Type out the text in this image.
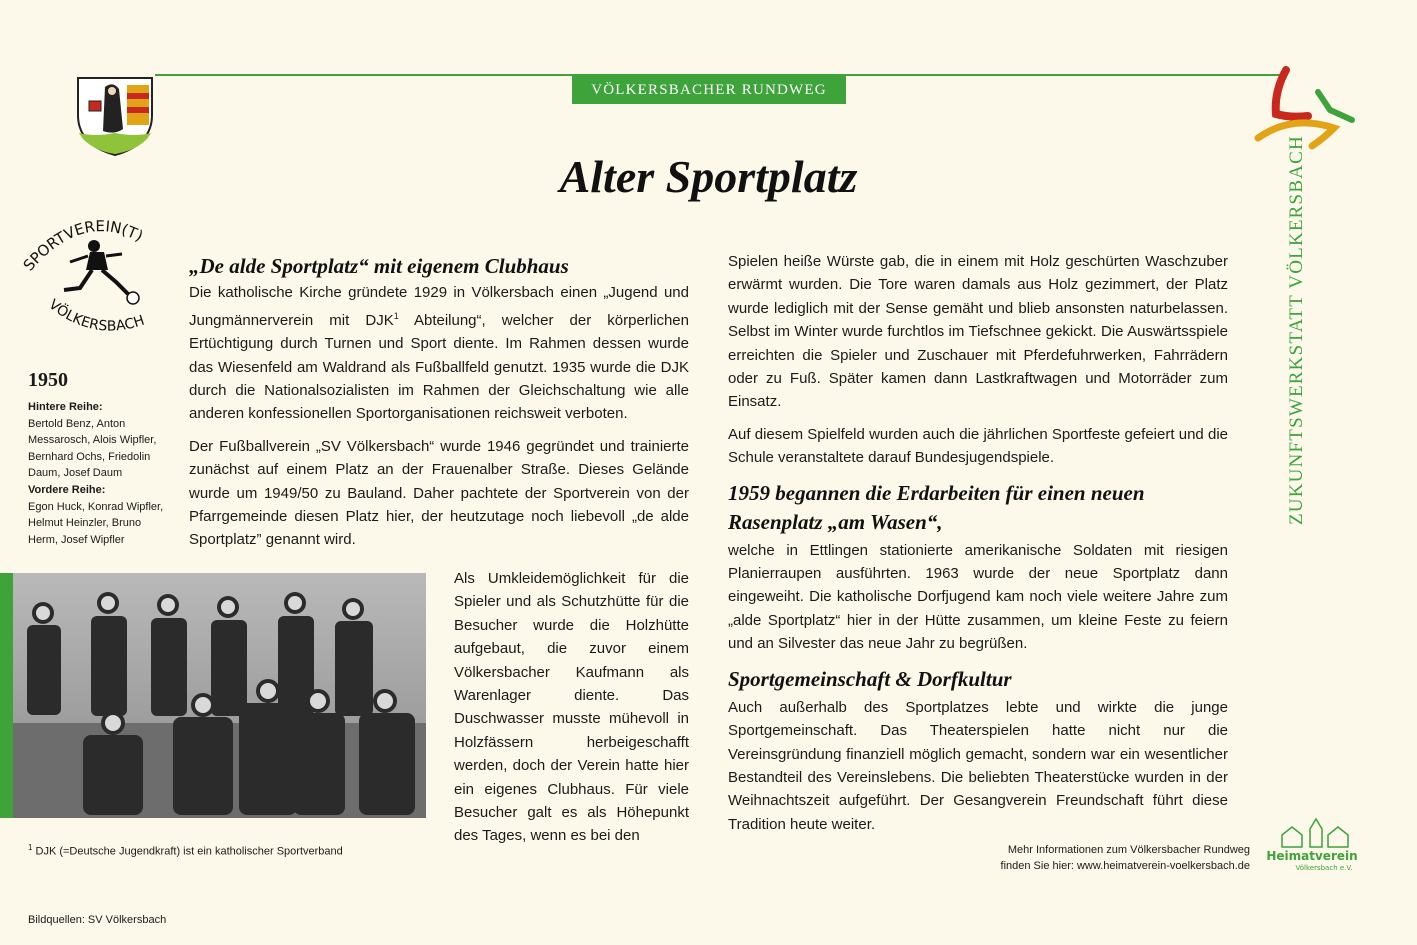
VÖLKERSBACHER RUNDWEG
Alter Sportplatz
SPORTVEREIN(T)
VÖLKERSBACH	ZUKUNFTSWERKSTATT VÖLKERSBACH
1950
Hintere Reihe:
Bertold Benz, Anton Messarosch, Alois Wipfler, Bernhard Ochs, Friedolin Daum, Josef Daum
Vordere Reihe:
Egon Huck, Konrad Wipfler, Helmut Heinzler, Bruno Herm, Josef Wipfler
„De alde Sportplatz“ mit eigenem Clubhaus

Die katholische Kirche gründete 1929 in Völkersbach einen „Jugend und Jungmännerverein mit DJK$^1$ Abteilung“, welcher der körperlichen Ertüchtigung durch Turnen und Sport diente. Im Rahmen dessen wurde das Wiesenfeld am Waldrand als Fußballfeld genutzt. 1935 wurde die DJK durch die Nationalsozialisten im Rahmen der Gleichschaltung wie alle anderen konfessionellen Sportorganisationen reichsweit verboten.

Der Fußballverein „SV Völkersbach“ wurde 1946 gegründet und trainierte zunächst auf einem Platz an der Frauenalber Straße. Dieses Gelände wurde um 1949/50 zu Bauland. Daher pachtete der Sportverein von der Pfarrgemeinde diesen Platz hier, der heutzutage noch liebevoll „de alde Sportplatz” genannt wird.

Als Umkleidemöglichkeit für die Spieler und als Schutzhütte für die Besucher wurde die Holzhütte aufgebaut, die zuvor einem Völkersbacher Kaufmann als Warenlager diente. Das Duschwasser musste mühevoll in Holzfässern herbeigeschafft werden, doch der Verein hatte hier ein eigenes Clubhaus. Für viele Besucher galt es als Höhepunkt des Tages, wenn es bei den

Spielen heiße Würste gab, die in einem mit Holz geschürten Waschzuber erwärmt wurden. Die Tore waren damals aus Holz gezimmert, der Platz wurde lediglich mit der Sense gemäht und blieb ansonsten naturbelassen. Selbst im Winter wurde furchtlos im Tiefschnee gekickt. Die Auswärtsspiele erreichten die Spieler und Zuschauer mit Pferdefuhrwerken, Fahrrädern oder zu Fuß. Später kamen dann Lastkraftwagen und Motorräder zum Einsatz.

Auf diesem Spielfeld wurden auch die jährlichen Sportfeste gefeiert und die Schule veranstaltete darauf Bundesjugendspiele.

1959 begannen die Erdarbeiten für einen neuen Rasenplatz „am Wasen“,

welche in Ettlingen stationierte amerikanische Soldaten mit riesigen Planierraupen ausführten. 1963 wurde der neue Sportplatz dann eingeweiht. Die katholische Dorfjugend kam noch viele weitere Jahre zum „alde Sportplatz“ hier in der Hütte zusammen, um kleine Feste zu feiern und an Silvester das neue Jahr zu begrüßen.

Sportgemeinschaft & Dorfkultur

Auch außerhalb des Sportplatzes lebte und wirkte die junge Sportgemeinschaft. Das Theaterspielen hatte nicht nur die Vereinsgründung finanziell möglich gemacht, sondern war ein wesentlicher Bestandteil des Vereinslebens. Die beliebten Theaterstücke wurden in der Weihnachtszeit aufgeführt. Der Gesangverein Freundschaft führt diese Tradition heute weiter.

$^1$ DJK (=Deutsche Jugendkraft) ist ein katholischer Sportverband
Bildquellen: SV Völkersbach
Mehr Informationen zum Völkersbacher Rundweg
finden Sie hier: www.heimatverein-voelkersbach.de
Heimatverein
Völkersbach e.V.
